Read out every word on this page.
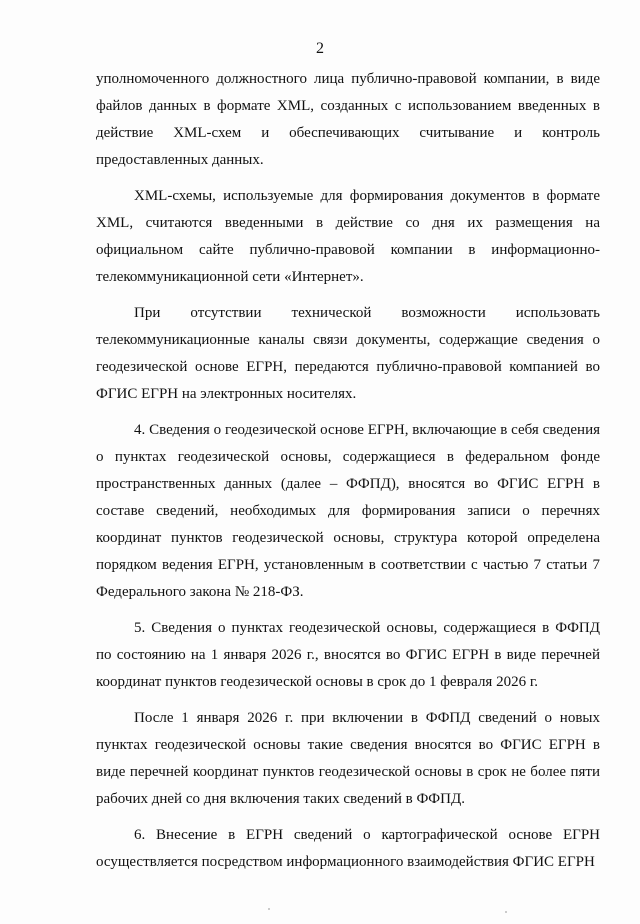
2

уполномоченного должностного лица публично-правовой компании, в виде файлов данных в формате XML, созданных с использованием введенных в действие XML-схем и обеспечивающих считывание и контроль предоставленных данных.

XML-схемы, используемые для формирования документов в формате XML, считаются введенными в действие со дня их размещения на официальном сайте публично-правовой компании в информационно-телекоммуникационной сети «Интернет».

При отсутствии технической возможности использовать телекоммуникационные каналы связи документы, содержащие сведения о геодезической основе ЕГРН, передаются публично-правовой компанией во ФГИС ЕГРН на электронных носителях.

4. Сведения о геодезической основе ЕГРН, включающие в себя сведения о пунктах геодезической основы, содержащиеся в федеральном фонде пространственных данных (далее – ФФПД), вносятся во ФГИС ЕГРН в составе сведений, необходимых для формирования записи о перечнях координат пунктов геодезической основы, структура которой определена порядком ведения ЕГРН, установленным в соответствии с частью 7 статьи 7 Федерального закона № 218-ФЗ.

5. Сведения о пунктах геодезической основы, содержащиеся в ФФПД по состоянию на 1 января 2026 г., вносятся во ФГИС ЕГРН в виде перечней координат пунктов геодезической основы в срок до 1 февраля 2026 г.

После 1 января 2026 г. при включении в ФФПД сведений о новых пунктах геодезической основы такие сведения вносятся во ФГИС ЕГРН в виде перечней координат пунктов геодезической основы в срок не более пяти рабочих дней со дня включения таких сведений в ФФПД.

6. Внесение в ЕГРН сведений о картографической основе ЕГРН осуществляется посредством информационного взаимодействия ФГИС ЕГРН
